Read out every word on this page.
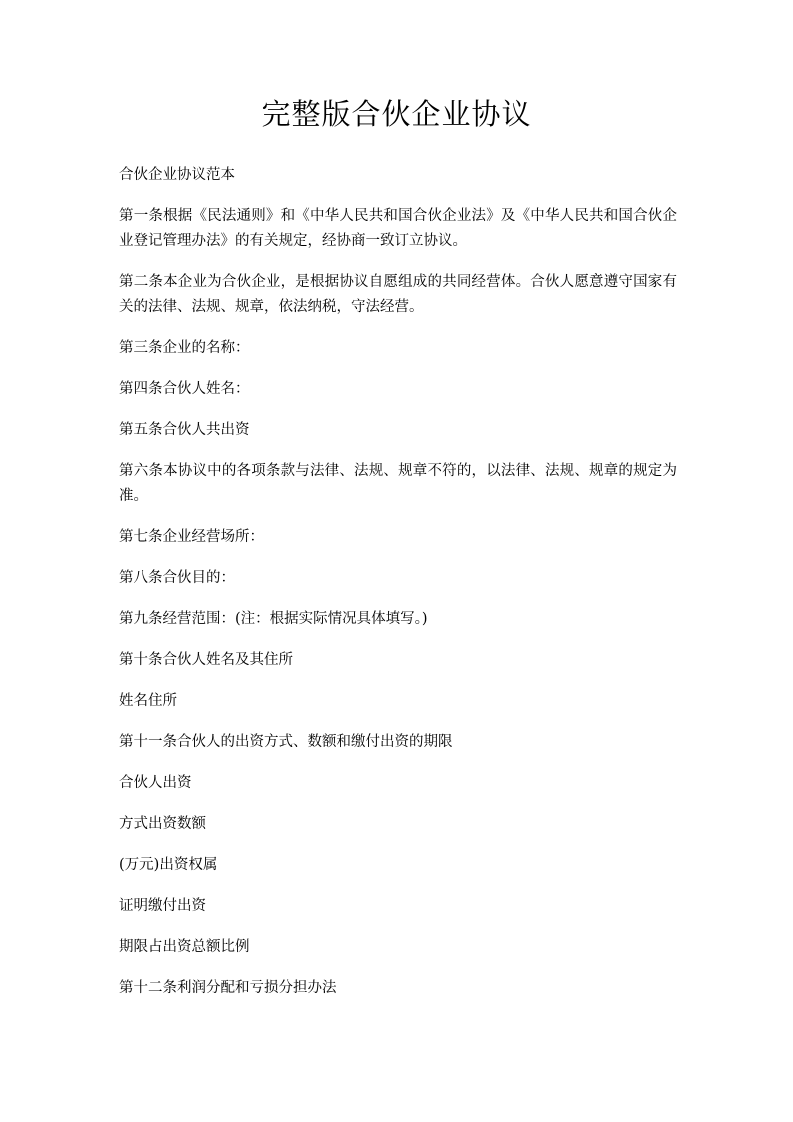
完整版合伙企业协议

合伙企业协议范本

第一条根据《民法通则》和《中华人民共和国合伙企业法》及《中华人民共和国合伙企业登记管理办法》的有关规定，经协商一致订立协议。

第二条本企业为合伙企业，是根据协议自愿组成的共同经营体。合伙人愿意遵守国家有关的法律、法规、规章，依法纳税，守法经营。

第三条企业的名称：

第四条合伙人姓名：

第五条合伙人共出资

第六条本协议中的各项条款与法律、法规、规章不符的，以法律、法规、规章的规定为准。

第七条企业经营场所：

第八条合伙目的：

第九条经营范围：(注：根据实际情况具体填写。)

第十条合伙人姓名及其住所

姓名住所

第十一条合伙人的出资方式、数额和缴付出资的期限

合伙人出资

方式出资数额

(万元)出资权属

证明缴付出资

期限占出资总额比例

第十二条利润分配和亏损分担办法
